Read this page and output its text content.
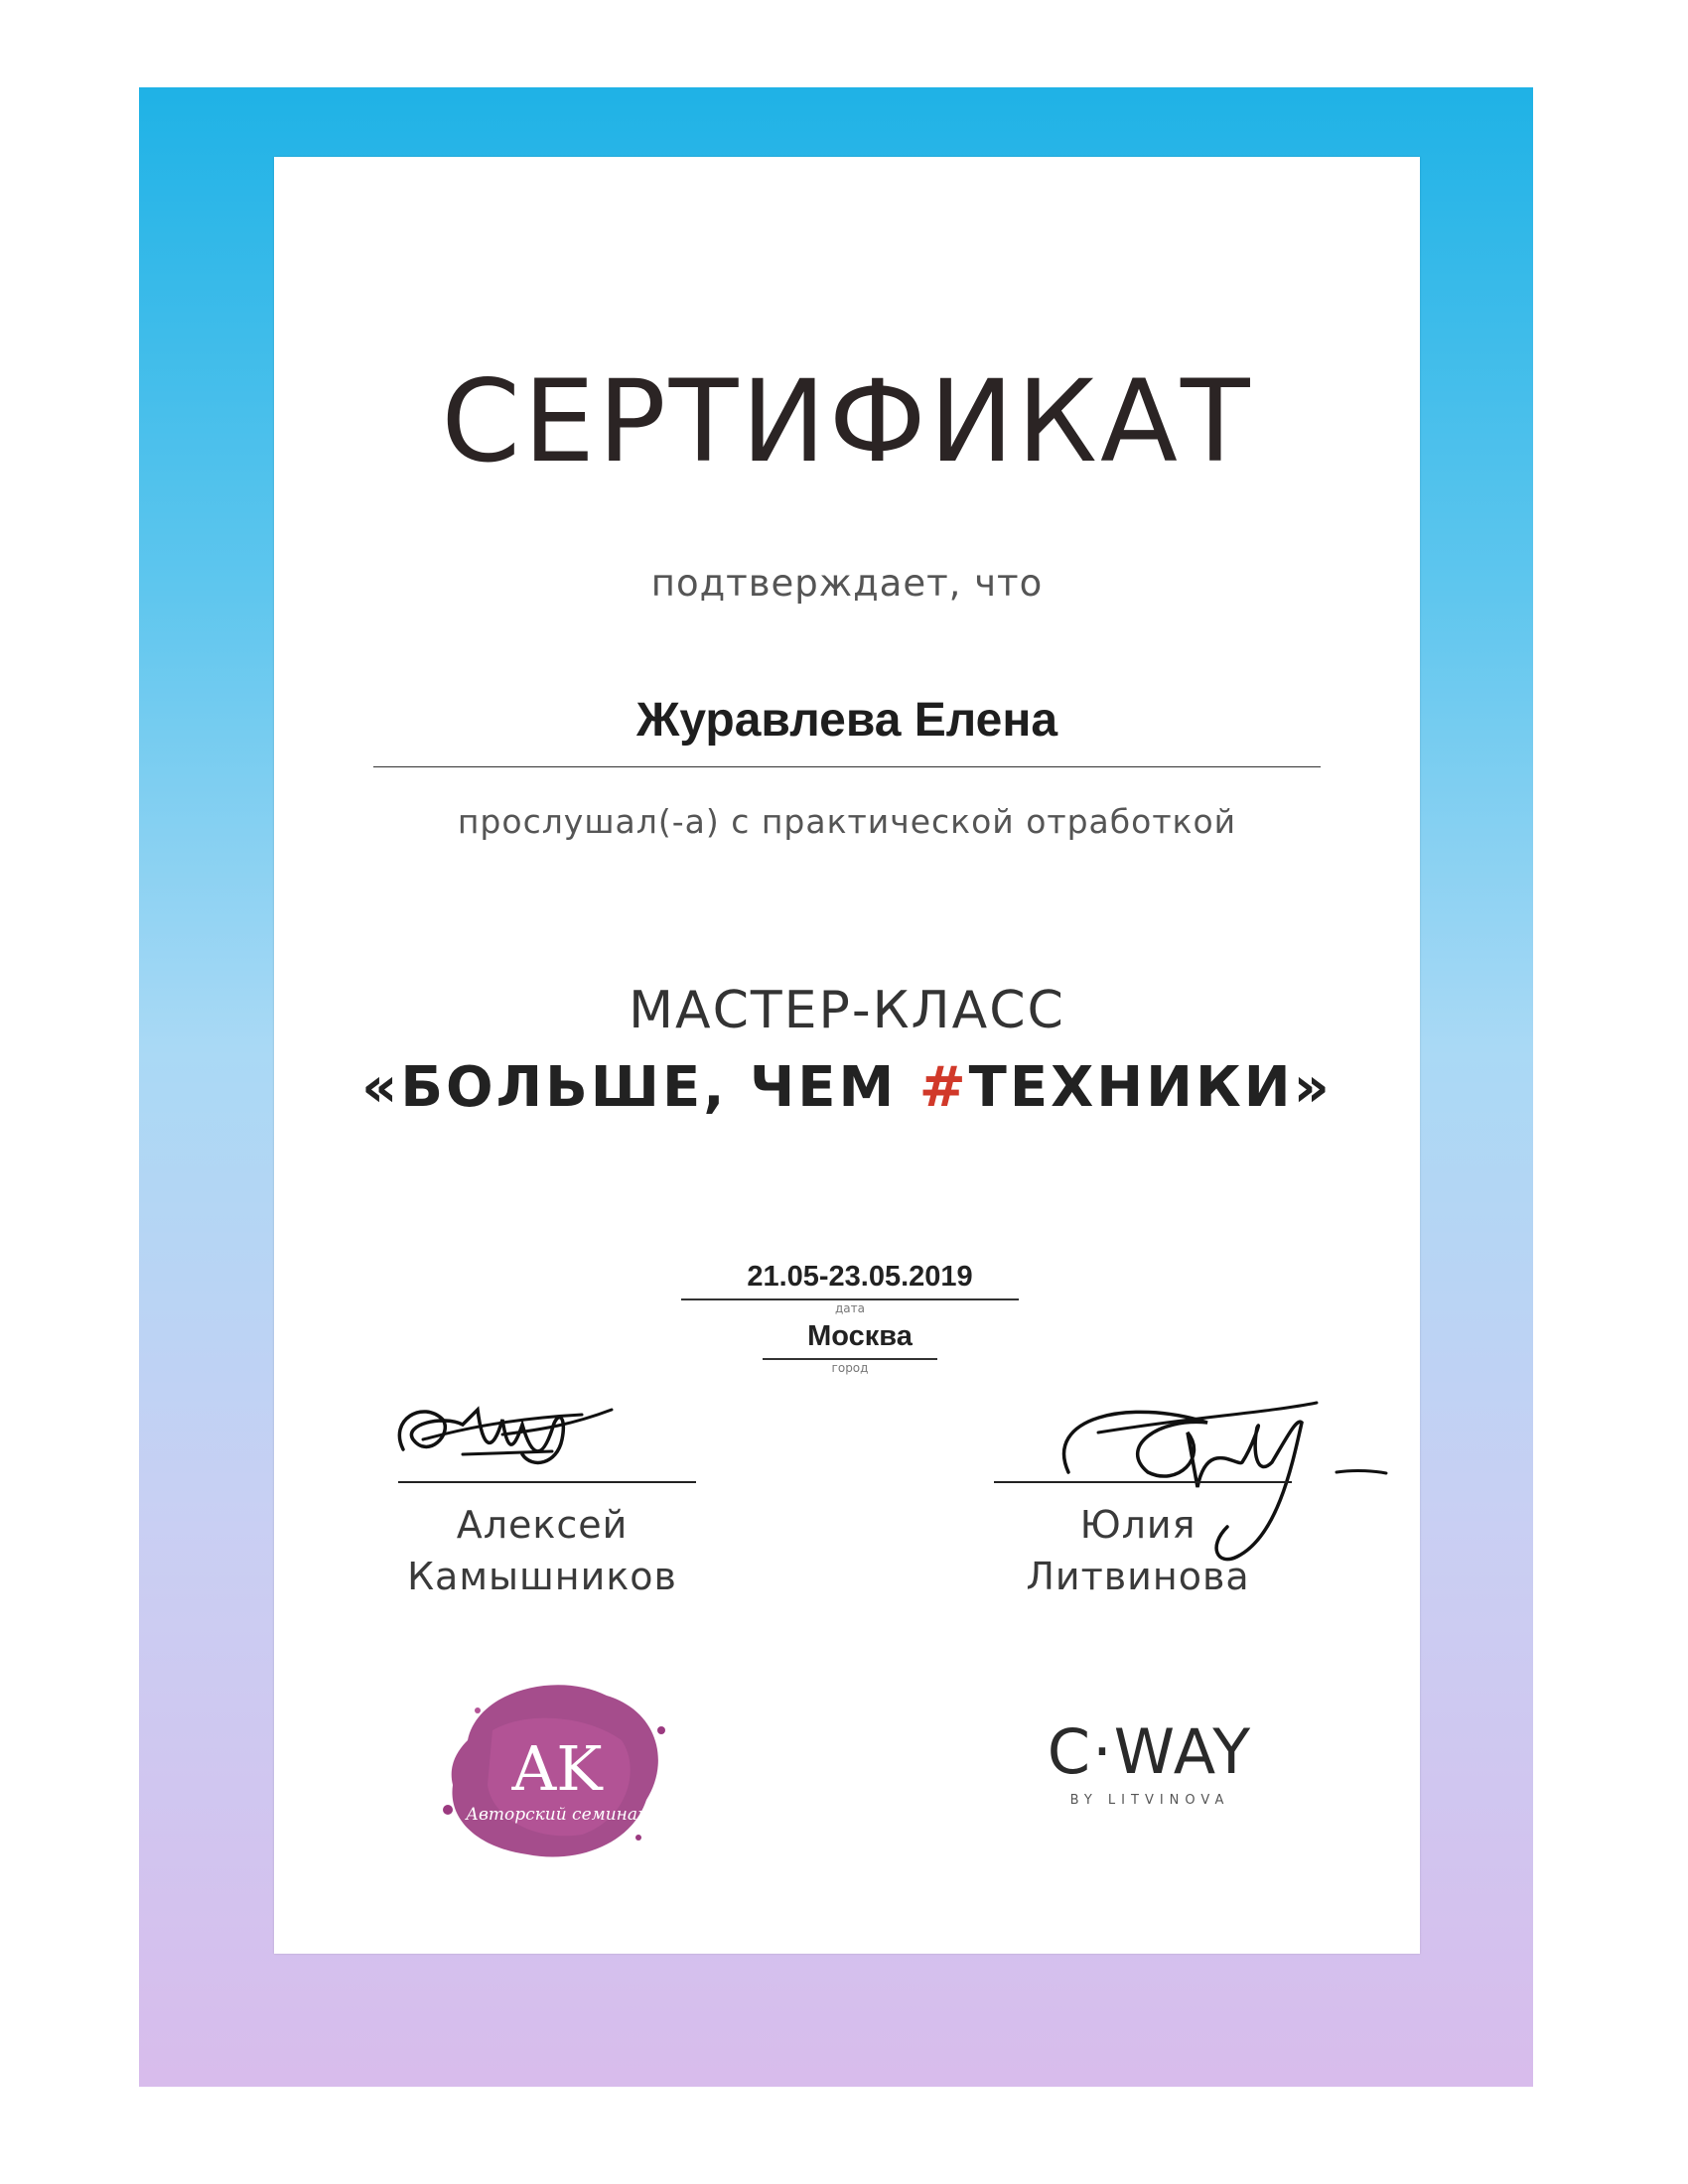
СЕРТИФИКАТ
подтверждает, что
Журавлева Елена
прослушал(-а) с практической отработкой
МАСТЕР-КЛАСС
«БОЛЬШЕ, ЧЕМ #ТЕХНИКИ»
21.05-23.05.2019
дата
Москва
город
Алексей
Камышников
Юлия
Литвинова
AK
Авторский семинар
C·WAY
BY LITVINOVA
